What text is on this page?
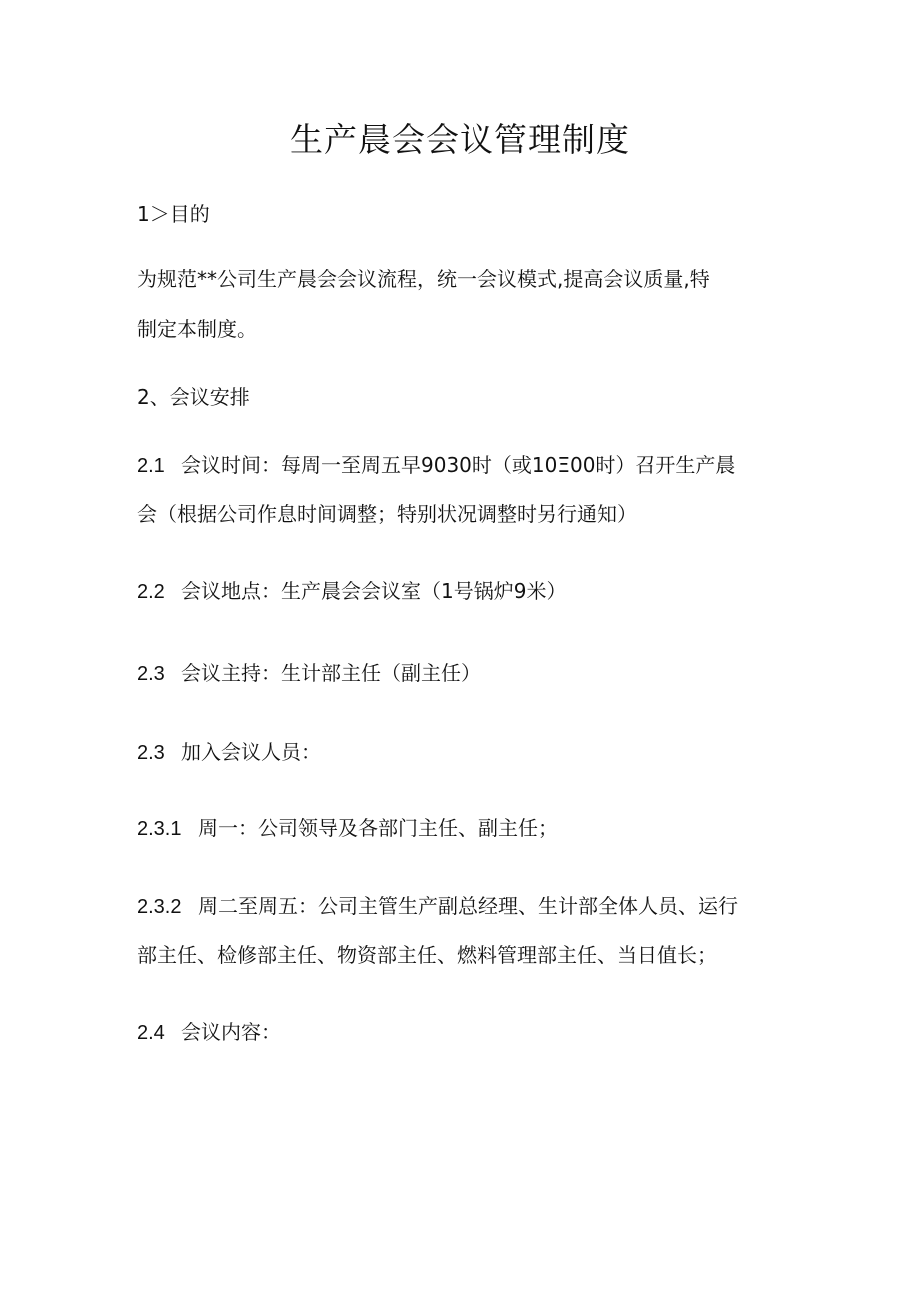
生产晨会会议管理制度

1＞目的

为规范**公司生产晨会会议流程，统一会议模式,提高会议质量,特

制定本制度。

2、会议安排

2.1 会议时间：每周一至周五早9030时（或10Ξ00时）召开生产晨

会（根据公司作息时间调整；特别状况调整时另行通知）

2.2 会议地点：生产晨会会议室（1号锅炉9米）

2.3 会议主持：生计部主任（副主任）

2.3 加入会议人员：

2.3.1 周一：公司领导及各部门主任、副主任；

2.3.2 周二至周五：公司主管生产副总经理、生计部全体人员、运行

部主任、检修部主任、物资部主任、燃料管理部主任、当日值长；

2.4 会议内容：
